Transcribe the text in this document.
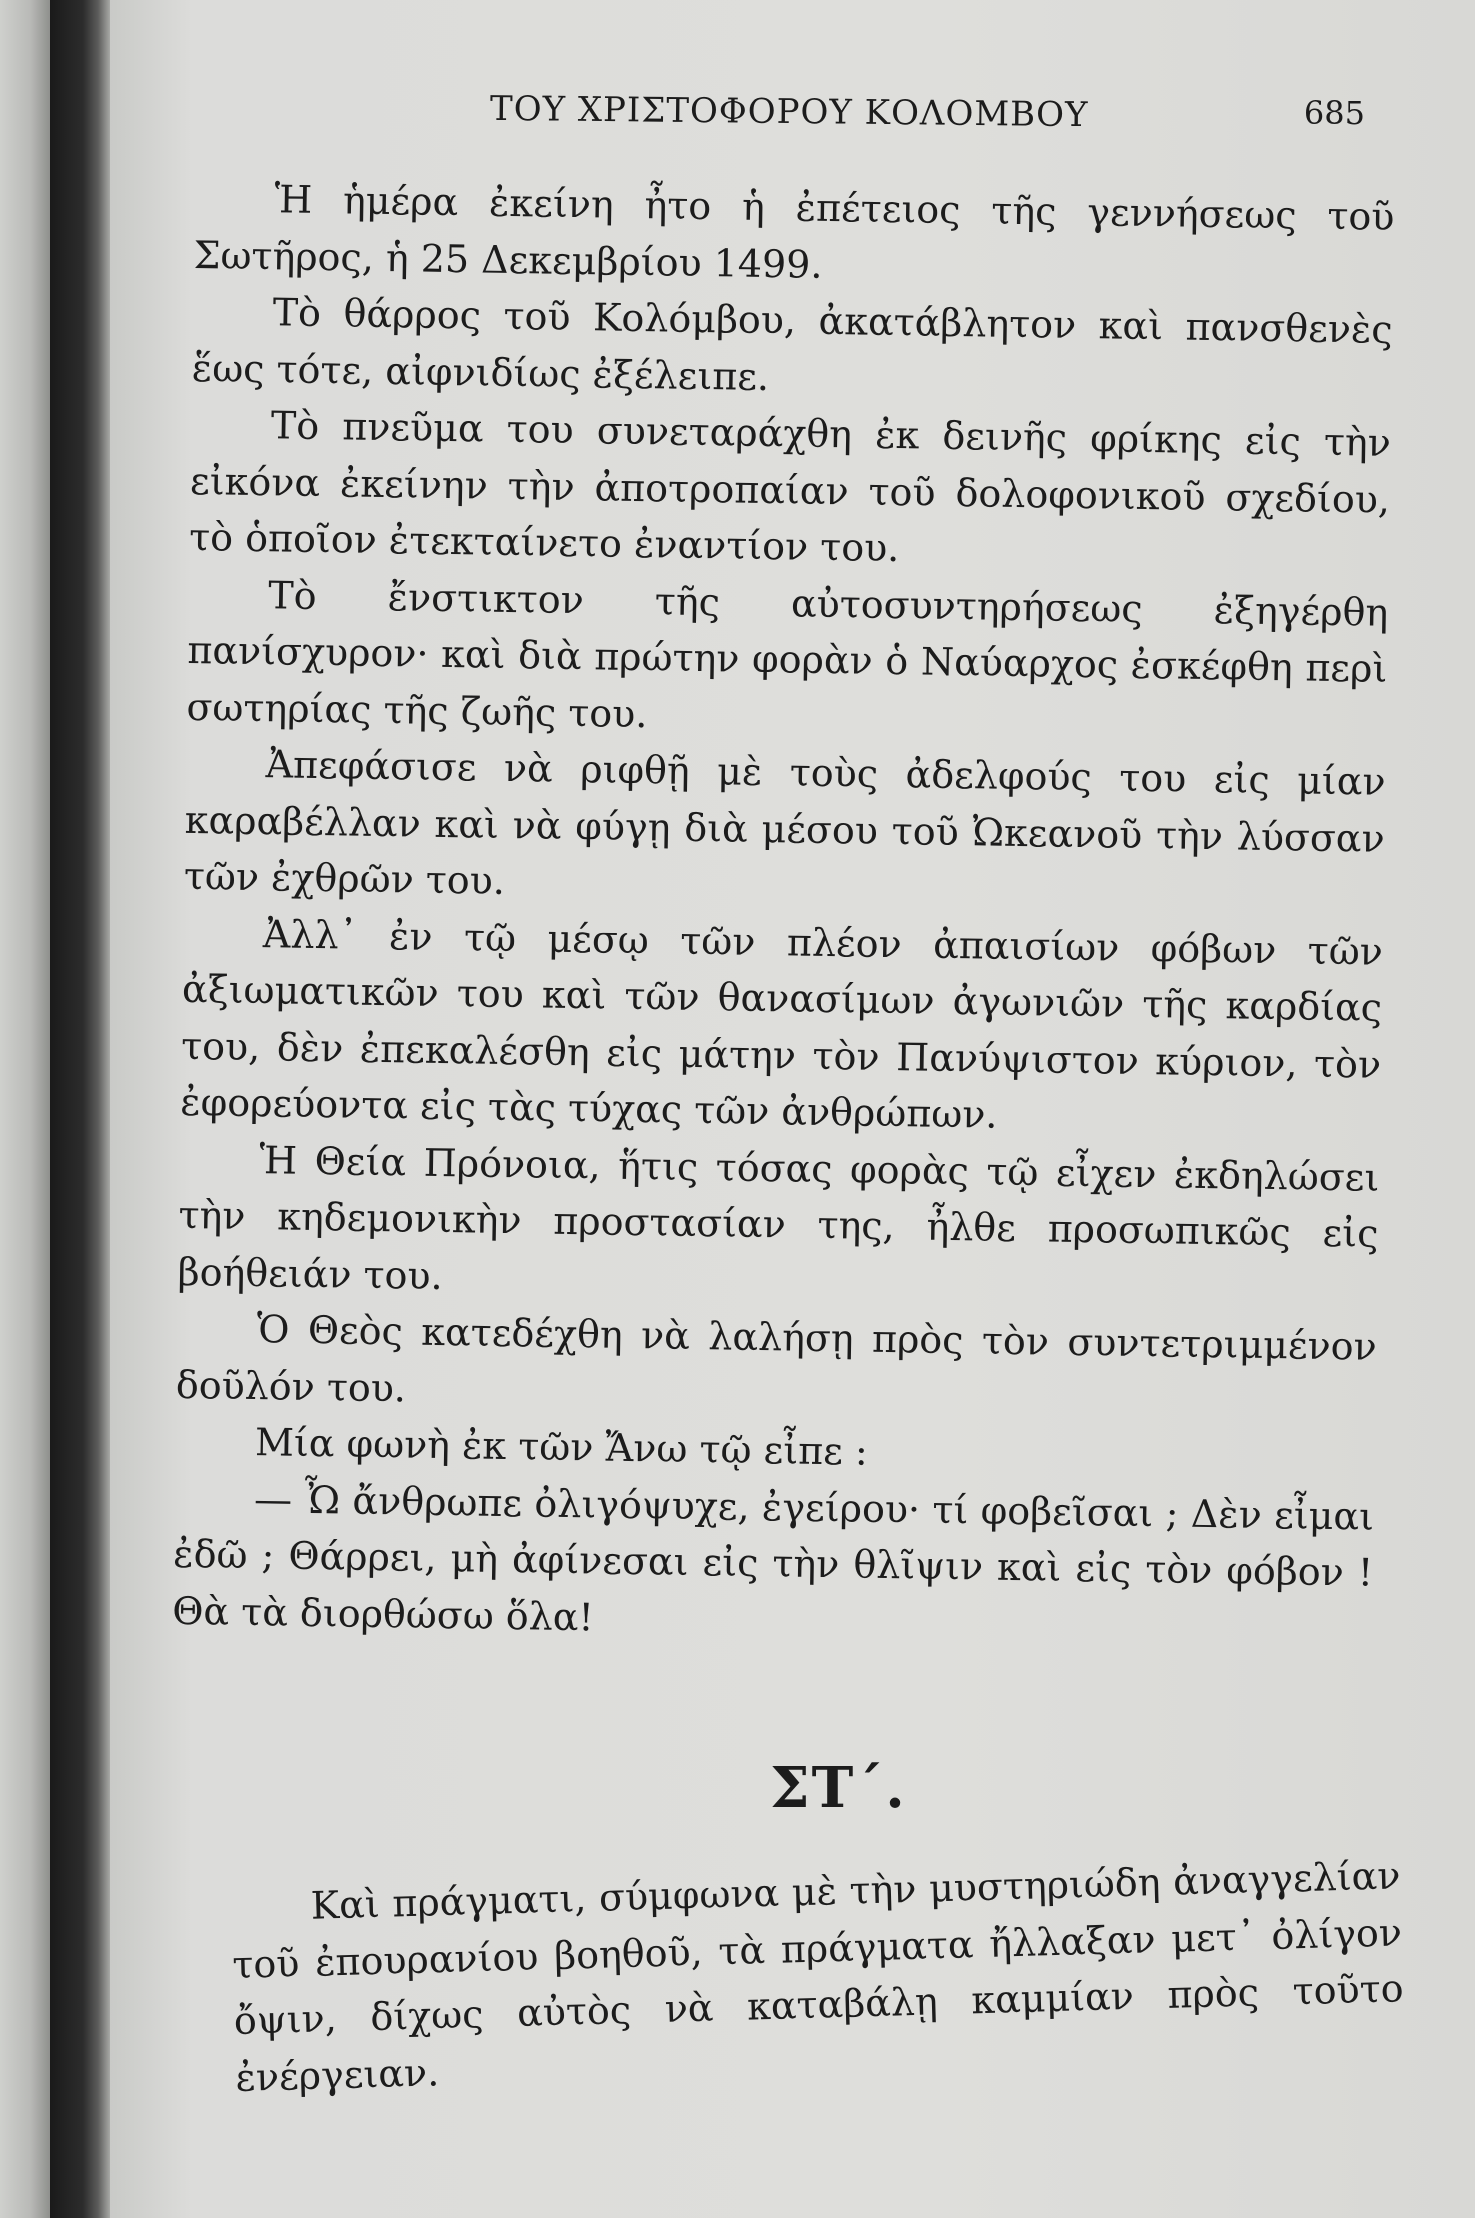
ΤΟΥ ΧΡΙΣΤΟΦΟΡΟΥ ΚΟΛΟΜΒΟΥ	685

Ἡ ἡμέρα ἐκείνη ἦτο ἡ ἐπέτειος τῆς γεννήσεως τοῦ Σωτῆρος, ἡ 25 Δεκεμβρίου 1499.

Τὸ θάρρος τοῦ Κολόμβου, ἀκατάβλητον καὶ πανσθενὲς ἕως τότε, αἰφνιδίως ἐξέλειπε.

Τὸ πνεῦμα του συνεταράχθη ἐκ δεινῆς φρίκης εἰς τὴν εἰκόνα ἐκείνην τὴν ἀποτροπαίαν τοῦ δολοφονικοῦ σχεδίου, τὸ ὁποῖον ἐτεκταίνετο ἐναντίον του.

Τὸ ἔνστικτον τῆς αὐτοσυντηρήσεως ἐξηγέρθη πανίσχυρον· καὶ διὰ πρώτην φορὰν ὁ Ναύαρχος ἐσκέφθη περὶ σωτηρίας τῆς ζωῆς του.

Ἀπεφάσισε νὰ ριφθῇ μὲ τοὺς ἀδελφούς του εἰς μίαν καραβέλλαν καὶ νὰ φύγῃ διὰ μέσου τοῦ Ὠκεανοῦ τὴν λύσσαν τῶν ἐχθρῶν του.

Ἀλλ᾽ ἐν τῷ μέσῳ τῶν πλέον ἀπαισίων φόβων τῶν ἀξιωματικῶν του καὶ τῶν θανασίμων ἀγωνιῶν τῆς καρδίας του, δὲν ἐπεκαλέσθη εἰς μάτην τὸν Πανύψιστον κύριον, τὸν ἐφορεύοντα εἰς τὰς τύχας τῶν ἀνθρώπων.

Ἡ Θεία Πρόνοια, ἥτις τόσας φορὰς τῷ εἶχεν ἐκδηλώσει τὴν κηδεμονικὴν προστασίαν της, ἦλθε προσωπικῶς εἰς βοήθειάν του.

Ὁ Θεὸς κατεδέχθη νὰ λαλήσῃ πρὸς τὸν συντετριμμένον δοῦλόν του.

Μία φωνὴ ἐκ τῶν Ἄνω τῷ εἶπε :

— Ὦ ἄνθρωπε ὀλιγόψυχε, ἐγείρου· τί φοβεῖσαι ; Δὲν εἶμαι ἐδῶ ; Θάρρει, μὴ ἀφίνεσαι εἰς τὴν θλῖψιν καὶ εἰς τὸν φόβον ! Θὰ τὰ διορθώσω ὅλα!

ΣΤ΄.

Καὶ πράγματι, σύμφωνα μὲ τὴν μυστηριώδη ἀναγγελίαν τοῦ ἐπουρανίου βοηθοῦ, τὰ πράγματα ἤλλαξαν μετ᾽ ὀλίγον ὄψιν, δίχως αὐτὸς νὰ καταβάλῃ καμμίαν πρὸς τοῦτο ἐνέργειαν.
